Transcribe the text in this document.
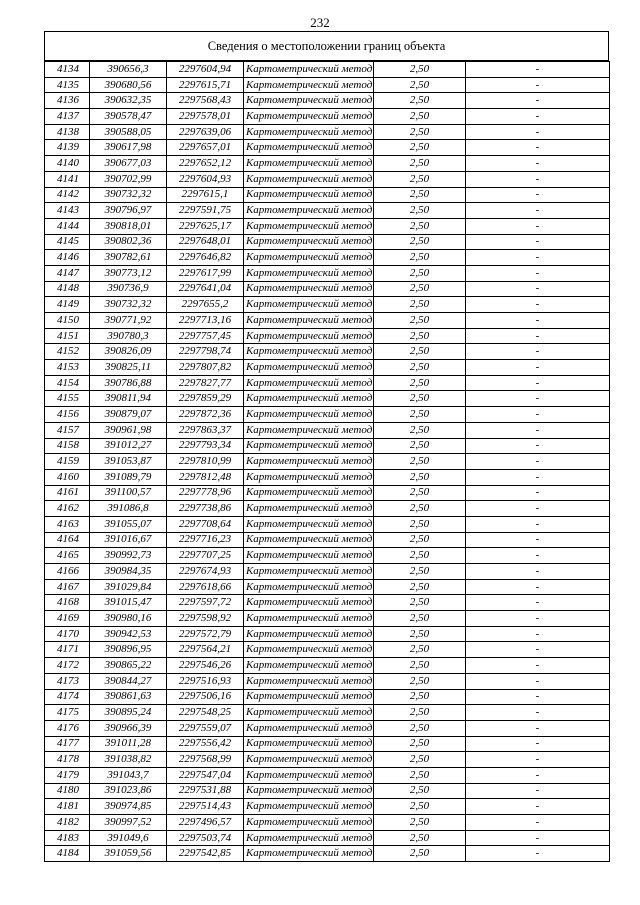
232
Сведения о местоположении границ объекта
4134	390656,3	2297604,94	Картометрический метод	2,50	-
4135	390680,56	2297615,71	Картометрический метод	2,50	-
4136	390632,35	2297568,43	Картометрический метод	2,50	-
4137	390578,47	2297578,01	Картометрический метод	2,50	-
4138	390588,05	2297639,06	Картометрический метод	2,50	-
4139	390617,98	2297657,01	Картометрический метод	2,50	-
4140	390677,03	2297652,12	Картометрический метод	2,50	-
4141	390702,99	2297604,93	Картометрический метод	2,50	-
4142	390732,32	2297615,1	Картометрический метод	2,50	-
4143	390796,97	2297591,75	Картометрический метод	2,50	-
4144	390818,01	2297625,17	Картометрический метод	2,50	-
4145	390802,36	2297648,01	Картометрический метод	2,50	-
4146	390782,61	2297646,82	Картометрический метод	2,50	-
4147	390773,12	2297617,99	Картометрический метод	2,50	-
4148	390736,9	2297641,04	Картометрический метод	2,50	-
4149	390732,32	2297655,2	Картометрический метод	2,50	-
4150	390771,92	2297713,16	Картометрический метод	2,50	-
4151	390780,3	2297757,45	Картометрический метод	2,50	-
4152	390826,09	2297798,74	Картометрический метод	2,50	-
4153	390825,11	2297807,82	Картометрический метод	2,50	-
4154	390786,88	2297827,77	Картометрический метод	2,50	-
4155	390811,94	2297859,29	Картометрический метод	2,50	-
4156	390879,07	2297872,36	Картометрический метод	2,50	-
4157	390961,98	2297863,37	Картометрический метод	2,50	-
4158	391012,27	2297793,34	Картометрический метод	2,50	-
4159	391053,87	2297810,99	Картометрический метод	2,50	-
4160	391089,79	2297812,48	Картометрический метод	2,50	-
4161	391100,57	2297778,96	Картометрический метод	2,50	-
4162	391086,8	2297738,86	Картометрический метод	2,50	-
4163	391055,07	2297708,64	Картометрический метод	2,50	-
4164	391016,67	2297716,23	Картометрический метод	2,50	-
4165	390992,73	2297707,25	Картометрический метод	2,50	-
4166	390984,35	2297674,93	Картометрический метод	2,50	-
4167	391029,84	2297618,66	Картометрический метод	2,50	-
4168	391015,47	2297597,72	Картометрический метод	2,50	-
4169	390980,16	2297598,92	Картометрический метод	2,50	-
4170	390942,53	2297572,79	Картометрический метод	2,50	-
4171	390896,95	2297564,21	Картометрический метод	2,50	-
4172	390865,22	2297546,26	Картометрический метод	2,50	-
4173	390844,27	2297516,93	Картометрический метод	2,50	-
4174	390861,63	2297506,16	Картометрический метод	2,50	-
4175	390895,24	2297548,25	Картометрический метод	2,50	-
4176	390966,39	2297559,07	Картометрический метод	2,50	-
4177	391011,28	2297556,42	Картометрический метод	2,50	-
4178	391038,82	2297568,99	Картометрический метод	2,50	-
4179	391043,7	2297547,04	Картометрический метод	2,50	-
4180	391023,86	2297531,88	Картометрический метод	2,50	-
4181	390974,85	2297514,43	Картометрический метод	2,50	-
4182	390997,52	2297496,57	Картометрический метод	2,50	-
4183	391049,6	2297503,74	Картометрический метод	2,50	-
4184	391059,56	2297542,85	Картометрический метод	2,50	-
